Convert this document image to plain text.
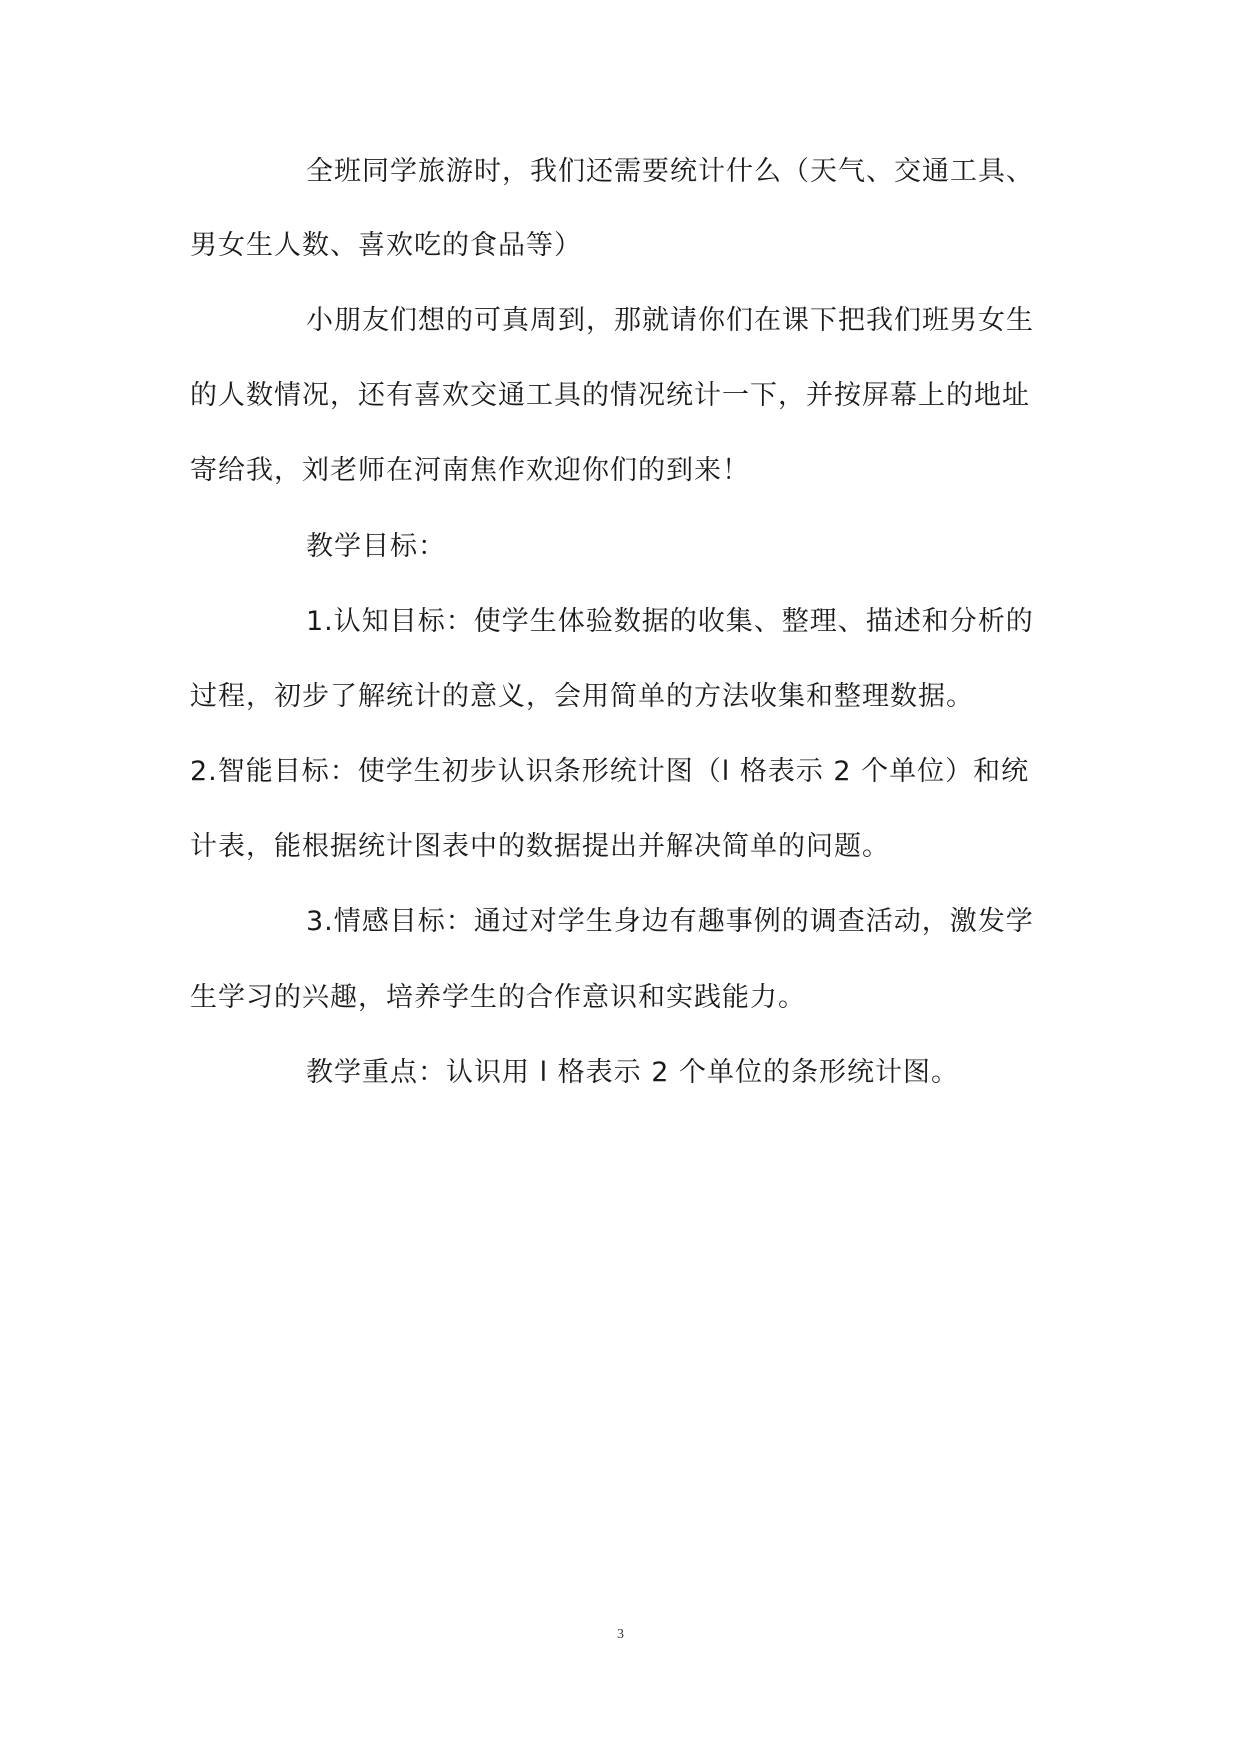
全班同学旅游时，我们还需要统计什么（天气、交通工具、
男女生人数、喜欢吃的食品等）
小朋友们想的可真周到，那就请你们在课下把我们班男女生
的人数情况，还有喜欢交通工具的情况统计一下，并按屏幕上的地址
寄给我，刘老师在河南焦作欢迎你们的到来！
教学目标：
1.认知目标：使学生体验数据的收集、整理、描述和分析的
过程，初步了解统计的意义，会用简单的方法收集和整理数据。
2.智能目标：使学生初步认识条形统计图（l 格表示 2 个单位）和统
计表，能根据统计图表中的数据提出并解决简单的问题。
3.情感目标：通过对学生身边有趣事例的调查活动，激发学
生学习的兴趣，培养学生的合作意识和实践能力。
教学重点：认识用 l 格表示 2 个单位的条形统计图。
3
